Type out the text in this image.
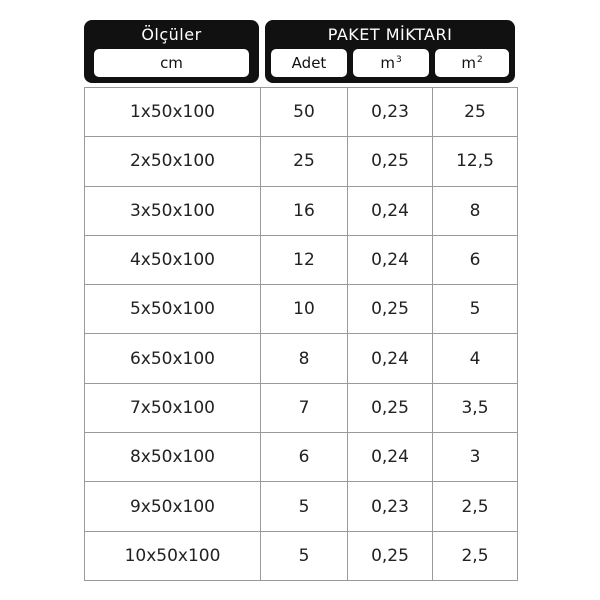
Ölçüler
cm
PAKET MİKTARI
Adet	$m^3$	$m^2$
1x50x100	50	0,23	25
2x50x100	25	0,25	12,5
3x50x100	16	0,24	8
4x50x100	12	0,24	6
5x50x100	10	0,25	5
6x50x100	8	0,24	4
7x50x100	7	0,25	3,5
8x50x100	6	0,24	3
9x50x100	5	0,23	2,5
10x50x100	5	0,25	2,5
